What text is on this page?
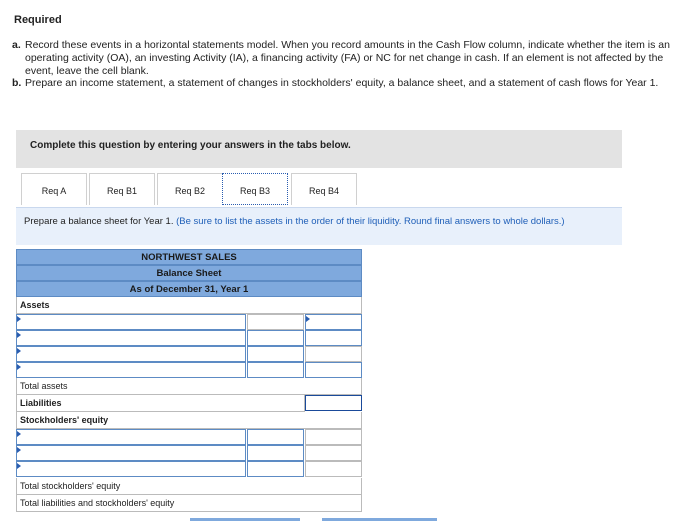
Required
a. Record these events in a horizontal statements model. When you record amounts in the Cash Flow column, indicate whether the item is an operating activity (OA), an investing Activity (IA), a financing activity (FA) or NC for net change in cash. If an element is not affected by the event, leave the cell blank.
b. Prepare an income statement, a statement of changes in stockholders' equity, a balance sheet, and a statement of cash flows for Year 1.
Complete this question by entering your answers in the tabs below.
Req A	Req B1	Req B2	Req B3	Req B4
Prepare a balance sheet for Year 1. (Be sure to list the assets in the order of their liquidity. Round final answers to whole dollars.)
NORTHWEST SALES
Balance Sheet
As of December 31, Year 1
Assets
Total assets
Liabilities
Stockholders' equity
Total stockholders' equity
Total liabilities and stockholders' equity
